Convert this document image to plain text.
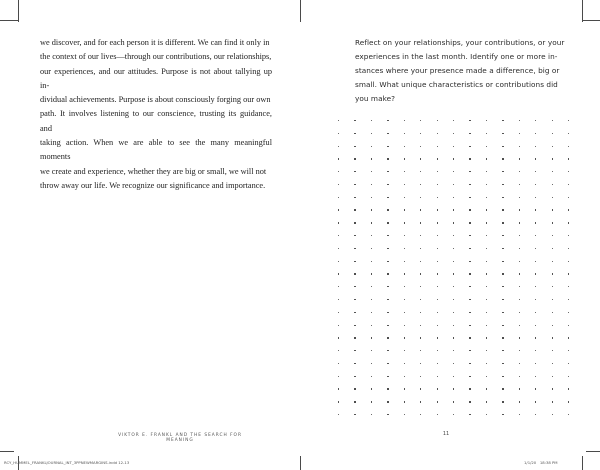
we discover, and for each person it is different. We can find it only in
the context of our lives—through our contributions, our relationships,
our experiences, and our attitudes. Purpose is not about tallying up in-
dividual achievements. Purpose is about consciously forging our own
path. It involves listening to our conscience, trusting its guidance, and
taking action. When we are able to see the many meaningful moments
we create and experience, whether they are big or small, we will not
throw away our life. We recognize our significance and importance.
VIKTOR E. FRANKL AND THE SEARCH FOR MEANING
Reflect on your relationships, your contributions, or your
experiences in the last month. Identify one or more in-
stances where your presence made a difference, big or
small. What unique characteristics or contributions did
you make?
11
RCY_HUMMEL_FRANKLJOURNAL_INT_3PPNEWMARGINS.indd 12-13	1/1/20 18:38 PM
